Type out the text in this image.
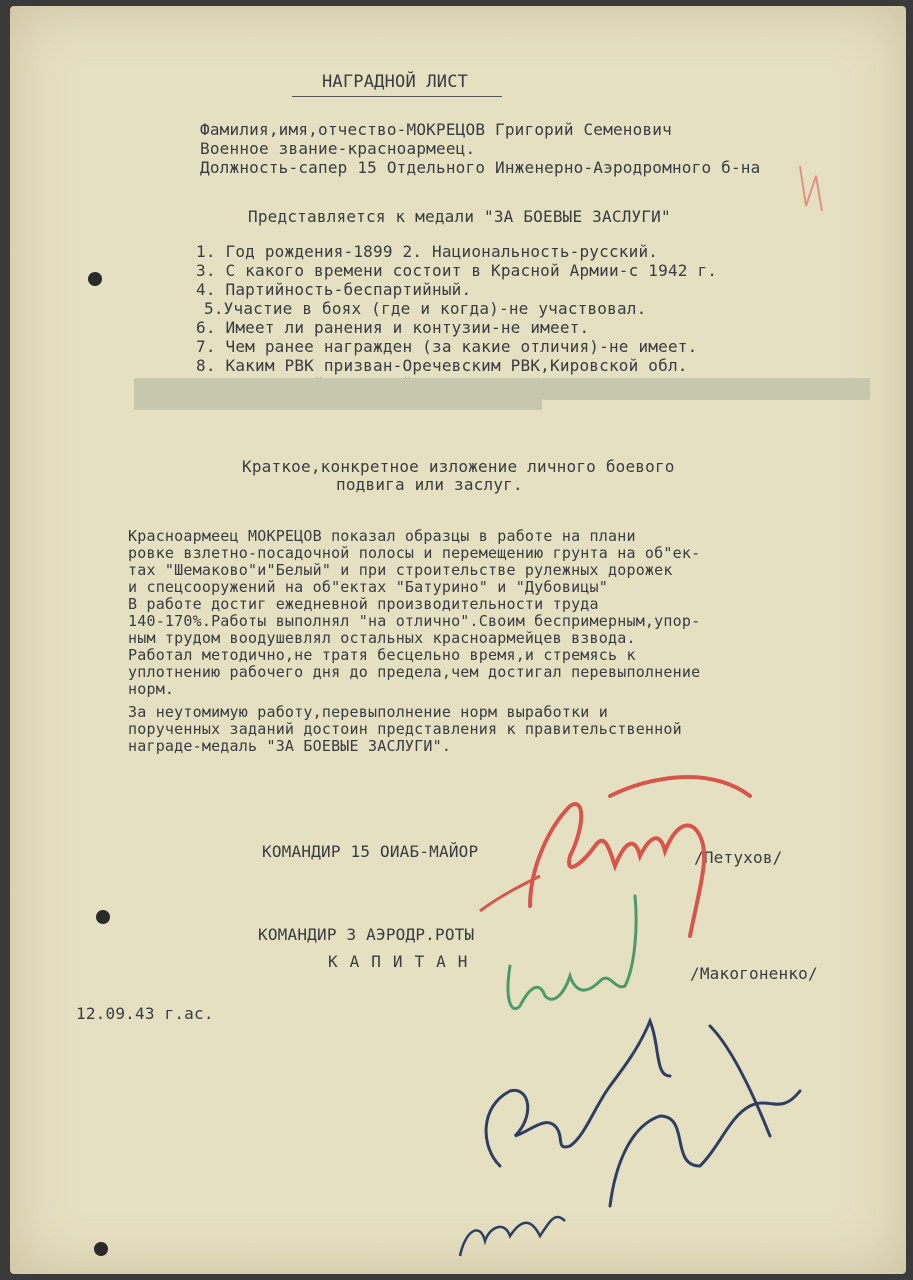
НАГРАДНОЙ ЛИСТ
Фамилия,имя,отчество-МОКРЕЦОВ Григорий Семенович
Военное звание-красноармеец.
Должность-сапер 15 Отдельного Инженерно-Аэродромного б-на
Представляется к медали "ЗА БОЕВЫЕ ЗАСЛУГИ"
1. Год рождения-1899 2. Национальность-русский.
3. С какого времени состоит в Красной Армии-с 1942 г.
4. Партийность-беспартийный.
5.Участие в боях (где и когда)-не участвовал.
6. Имеет ли ранения и контузии-не имеет.
7. Чем ранее награжден (за какие отличия)-не имеет.
8. Каким РВК призван-Оречевским РВК,Кировской обл.
Краткое,конкретное изложение личного боевого
подвига или заслуг.
Красноармеец МОКРЕЦОВ показал образцы в работе на плани
ровке взлетно-посадочной полосы и перемещению грунта на об"ек-
тах "Шемаково"и"Белый" и при строительстве рулежных дорожек
и спецсооружений на об"ектах "Батурино" и "Дубовицы"
В работе достиг ежедневной производительности труда
140-170%.Работы выполнял "на отлично".Своим беспримерным,упор-
ным трудом воодушевлял остальных красноармейцев взвода.
Работал методично,не тратя бесцельно время,и стремясь к
уплотнению рабочего дня до предела,чем достигал перевыполнение
норм.
За неутомимую работу,перевыполнение норм выработки и
порученных заданий достоин представления к правительственной
награде-медаль "ЗА БОЕВЫЕ ЗАСЛУГИ".
КОМАНДИР 15 ОИАБ-МАЙОР	/Петухов/
КОМАНДИР 3 АЭРОДР.РОТЫ
КАПИТАН
/Макогоненко/
12.09.43 г.ас.
